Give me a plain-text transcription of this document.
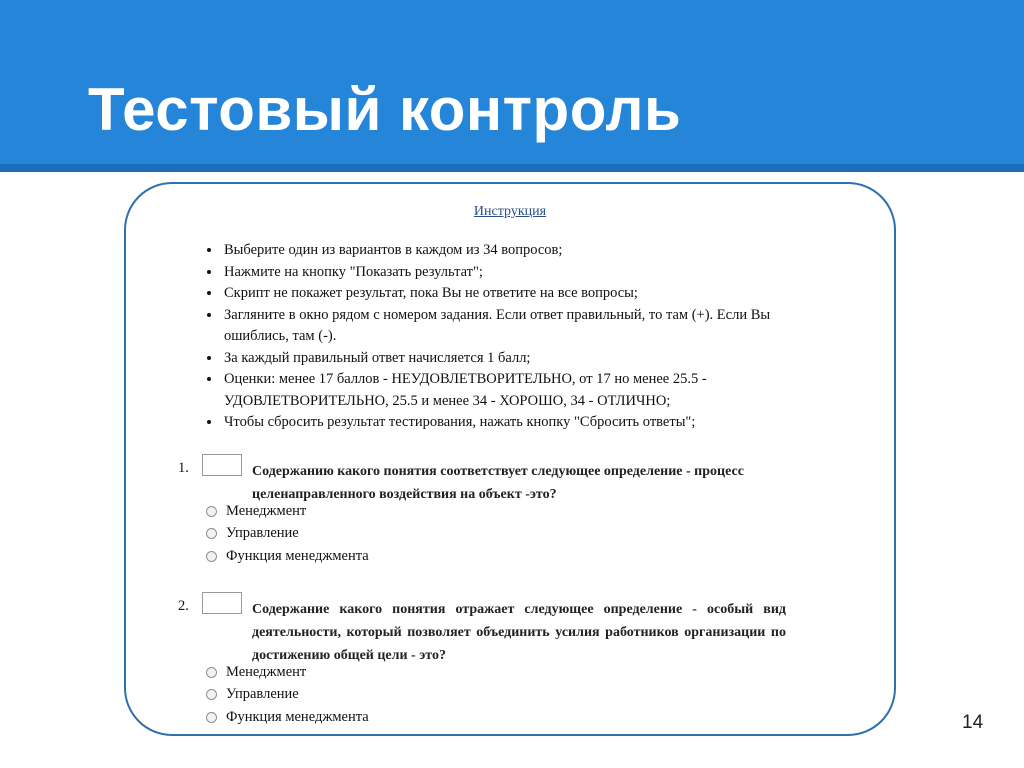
Тестовый контроль
Инструкция
• Выберите один из вариантов в каждом из 34 вопросов;
• Нажмите на кнопку "Показать результат";
• Скрипт не покажет результат, пока Вы не ответите на все вопросы;
• Загляните в окно рядом с номером задания. Если ответ правильный, то там (+). Если Вы ошиблись, там (-).
• За каждый правильный ответ начисляется 1 балл;
• Оценки: менее 17 баллов - НЕУДОВЛЕТВОРИТЕЛЬНО, от 17 но менее 25.5 - УДОВЛЕТВОРИТЕЛЬНО, 25.5 и менее 34 - ХОРОШО, 34 - ОТЛИЧНО;
• Чтобы сбросить результат тестирования, нажать кнопку "Сбросить ответы";
1.	Содержанию какого понятия соответствует следующее определение - процесс целенаправленного воздействия на объект -это?
Менеджмент
Управление
Функция менеджмента
2.	Содержание какого понятия отражает следующее определение - особый вид деятельности, который позволяет объединить усилия работников организации по достижению общей цели - это?
Менеджмент
Управление
Функция менеджмента	14
